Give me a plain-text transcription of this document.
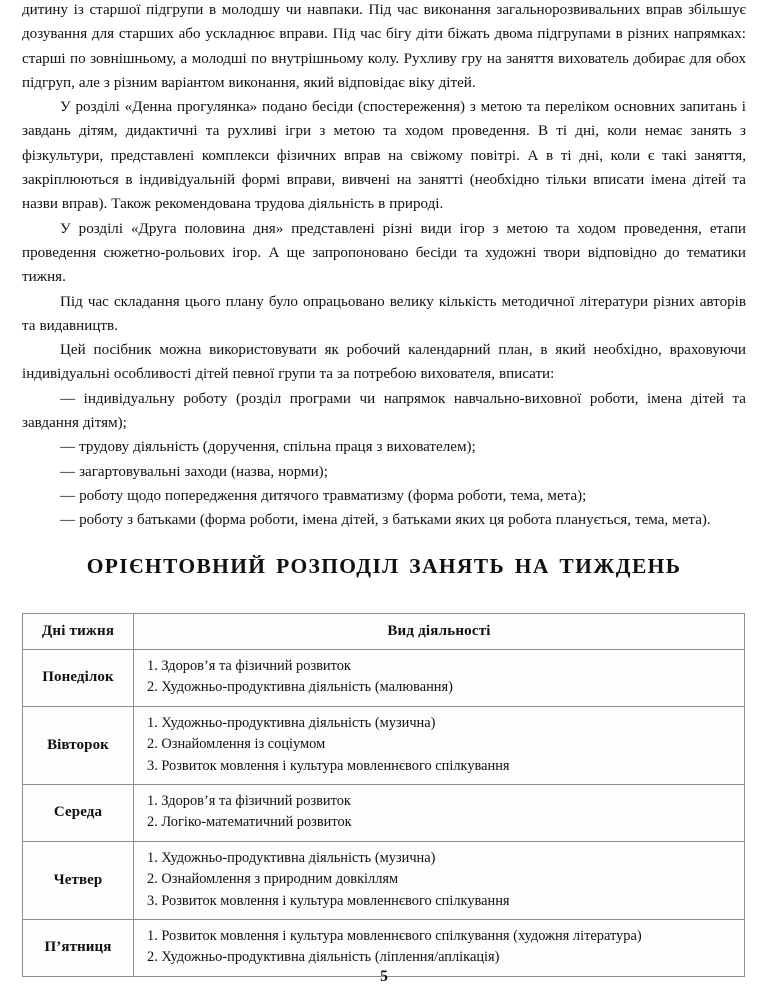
дитину із старшої підгрупи в молодшу чи навпаки. Під час виконання загальнорозвивальних вправ збільшує дозування для старших або ускладнює вправи. Під час бігу діти біжать двома підгрупами в різних напрямках: старші по зовнішньому, а молодші по внутрішньому колу. Рухливу гру на заняття вихователь добирає для обох підгруп, але з різним варіантом виконання, який відповідає віку дітей.

У розділі «Денна прогулянка» подано бесіди (спостереження) з метою та переліком основних запитань і завдань дітям, дидактичні та рухливі ігри з метою та ходом проведення. В ті дні, коли немає занять з фізкультури, представлені комплекси фізичних вправ на свіжому повітрі. А в ті дні, коли є такі заняття, закріплюються в індивідуальній формі вправи, вивчені на занятті (необхідно тільки вписати імена дітей та назви вправ). Також рекомендована трудова діяльність в природі.

У розділі «Друга половина дня» представлені різні види ігор з метою та ходом проведення, етапи проведення сюжетно-рольових ігор. А ще запропоновано бесіди та художні твори відповідно до тематики тижня.

Під час складання цього плану було опрацьовано велику кількість методичної літератури різних авторів та видавництв.

Цей посібник можна використовувати як робочий календарний план, в який необхідно, враховуючи індивідуальні особливості дітей певної групи та за потребою вихователя, вписати:

— індивідуальну роботу (розділ програми чи напрямок навчально-виховної роботи, імена дітей та завдання дітям);

— трудову діяльність (доручення, спільна праця з вихователем);

— загартовувальні заходи (назва, норми);

— роботу щодо попередження дитячого травматизму (форма роботи, тема, мета);

— роботу з батьками (форма роботи, імена дітей, з батьками яких ця робота планується, тема, мета).

ОРІЄНТОВНИЙ РОЗПОДІЛ ЗАНЯТЬ НА ТИЖДЕНЬ
Дні тижня	Вид діяльності
Понеділок	1. Здоров’я та фізичний розвиток
2. Художньо-продуктивна діяльність (малювання)

Вівторок	1. Художньо-продуктивна діяльність (музична)
2. Ознайомлення із соціумом
3. Розвиток мовлення і культура мовленнєвого спілкування

Середа	1. Здоров’я та фізичний розвиток
2. Логіко-математичний розвиток

Четвер	1. Художньо-продуктивна діяльність (музична)
2. Ознайомлення з природним довкіллям
3. Розвиток мовлення і культура мовленнєвого спілкування

П’ятниця	1. Розвиток мовлення і культура мовленнєвого спілкування (художня література)
2. Художньо-продуктивна діяльність (ліплення/аплікація)
5
